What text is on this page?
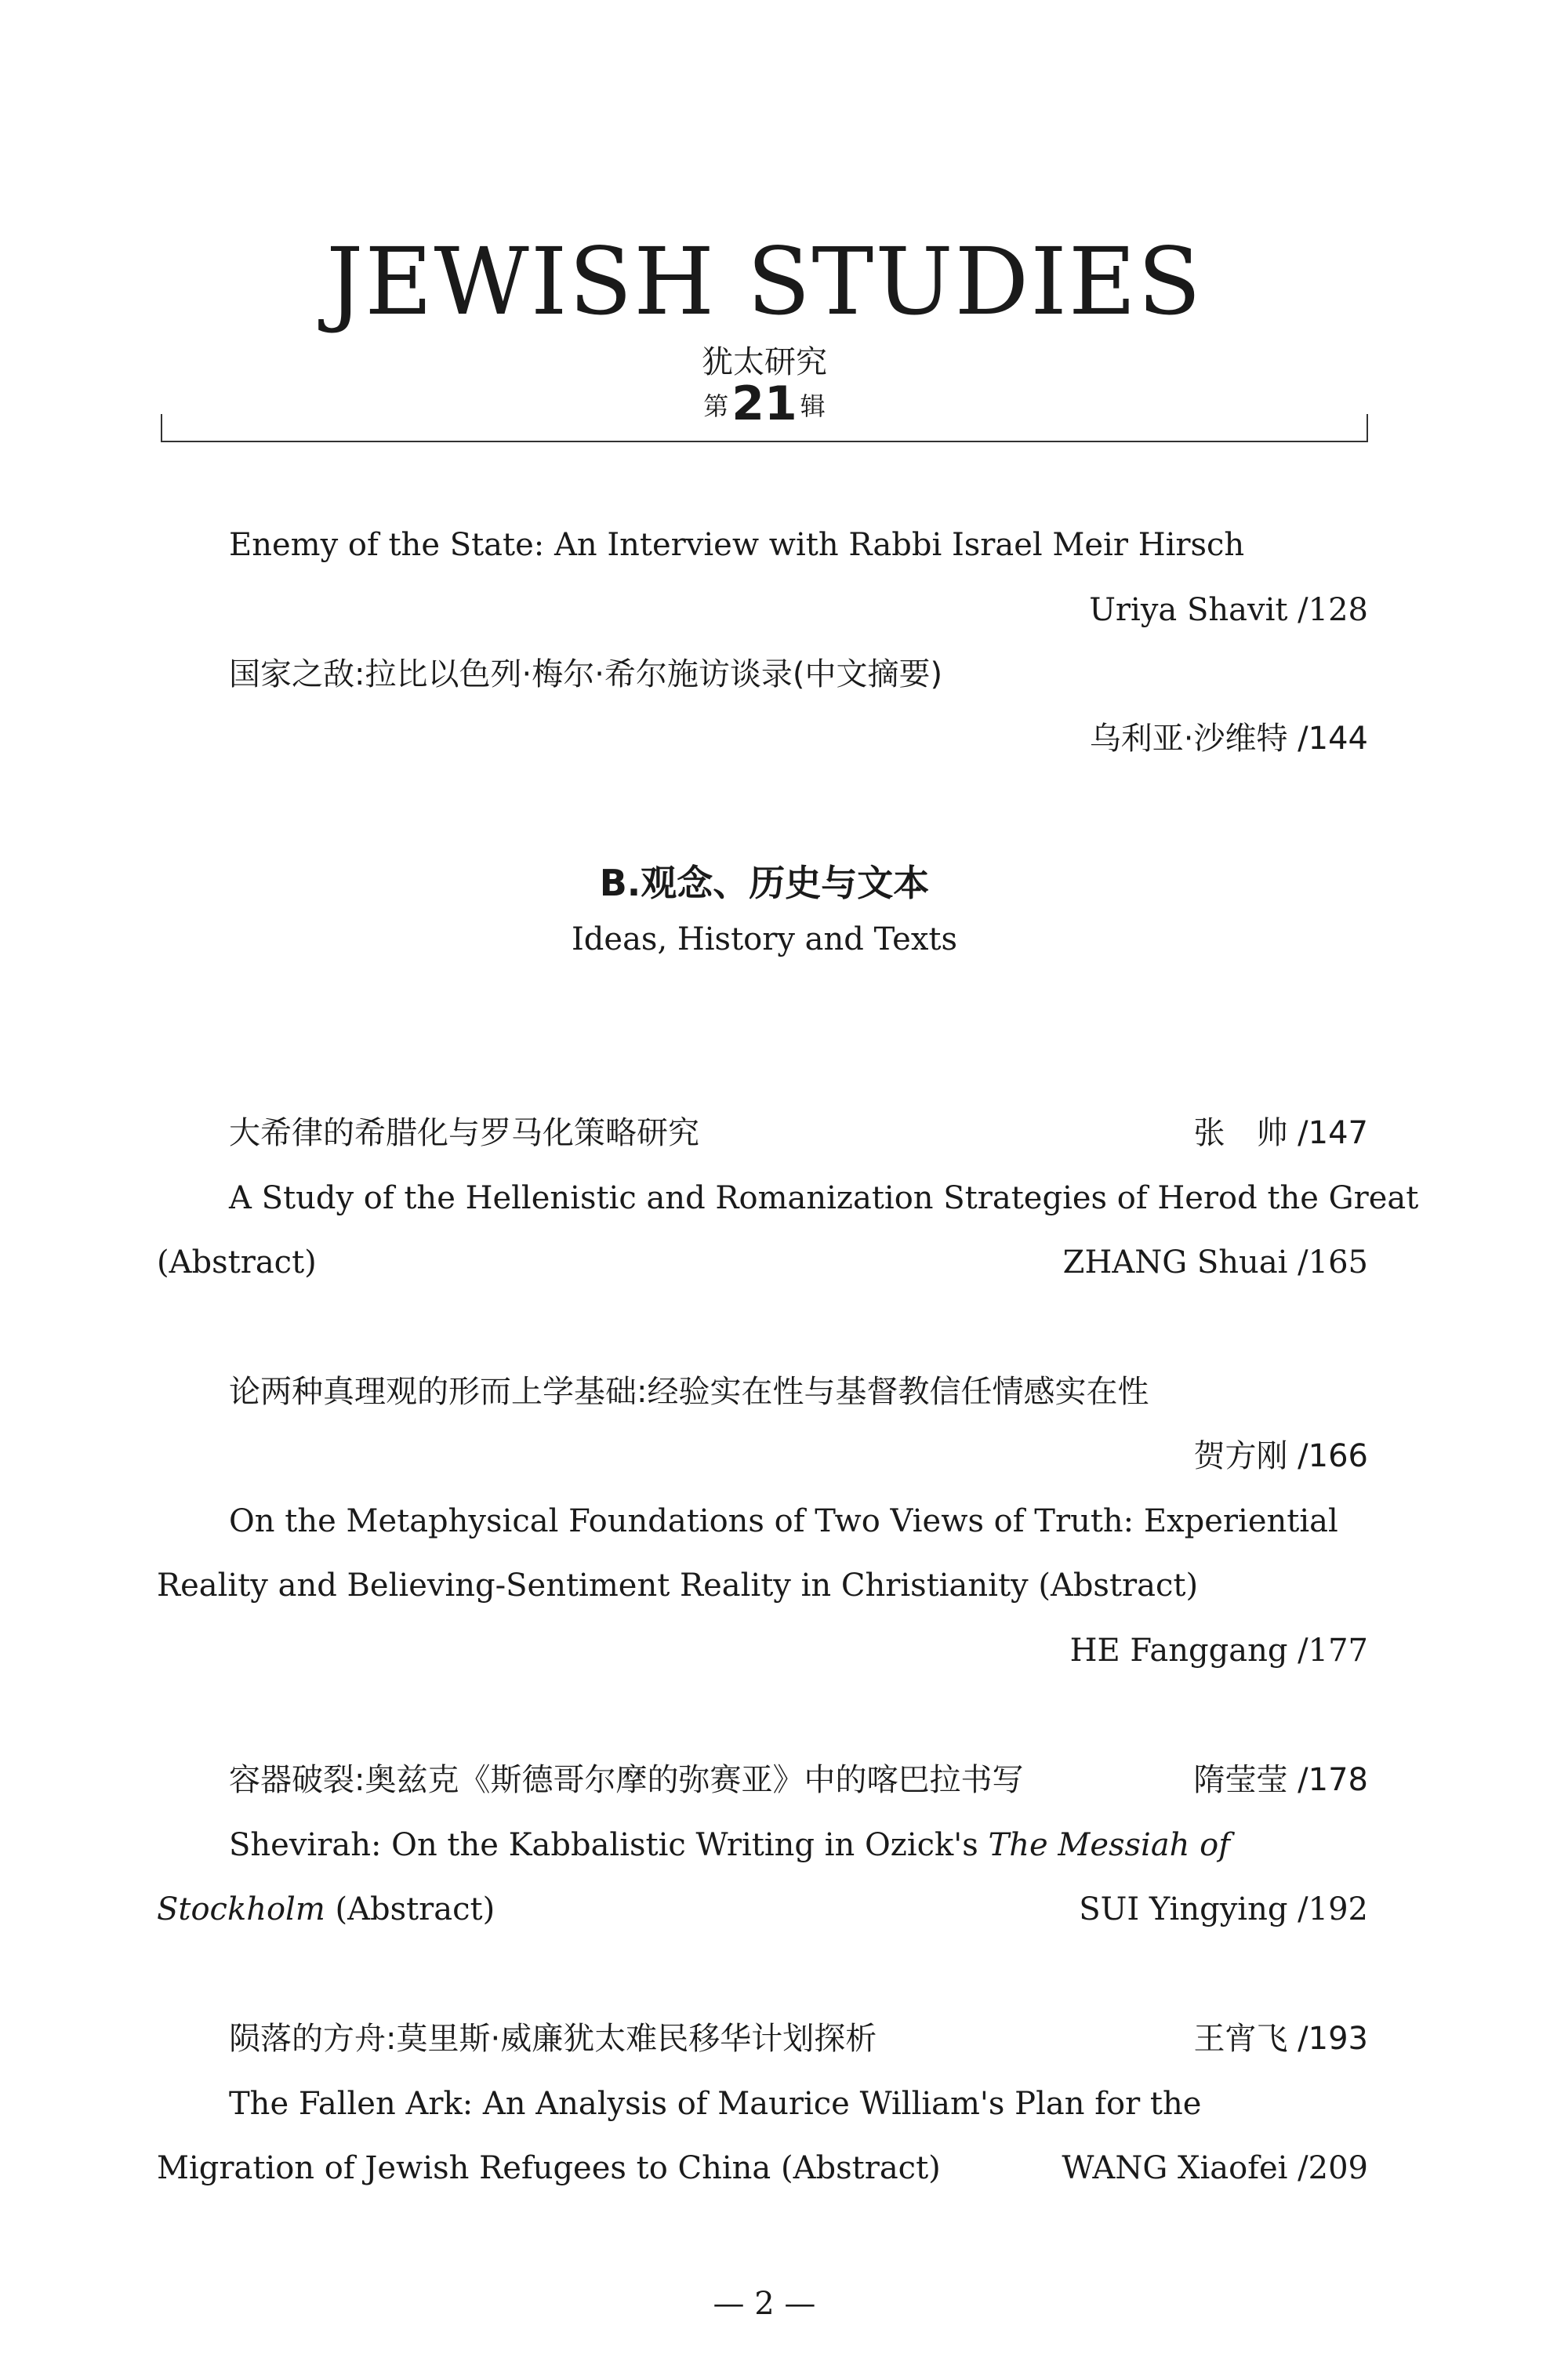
JEWISH STUDIES
犹太研究
第21 辑
Enemy of the State: An Interview with Rabbi Israel Meir Hirsch
Uriya Shavit /128
国家之敌:拉比以色列·梅尔·希尔施访谈录(中文摘要)
乌利亚·沙维特 /144
B.观念、历史与文本
Ideas, History and Texts
大希律的希腊化与罗马化策略研究	张　帅 /147
A Study of the Hellenistic and Romanization Strategies of Herod the Great
(Abstract)	ZHANG Shuai /165
论两种真理观的形而上学基础:经验实在性与基督教信任情感实在性
贺方刚 /166
On the Metaphysical Foundations of Two Views of Truth: Experiential
Reality and Believing-Sentiment Reality in Christianity (Abstract)
HE Fanggang /177
容器破裂:奥兹克《斯德哥尔摩的弥赛亚》中的喀巴拉书写	隋莹莹 /178
Shevirah: On the Kabbalistic Writing in Ozick's The Messiah of
Stockholm (Abstract)	SUI Yingying /192
陨落的方舟:莫里斯·威廉犹太难民移华计划探析	王宵飞 /193
The Fallen Ark: An Analysis of Maurice William's Plan for the
Migration of Jewish Refugees to China (Abstract)	WANG Xiaofei /209
— 2 —
